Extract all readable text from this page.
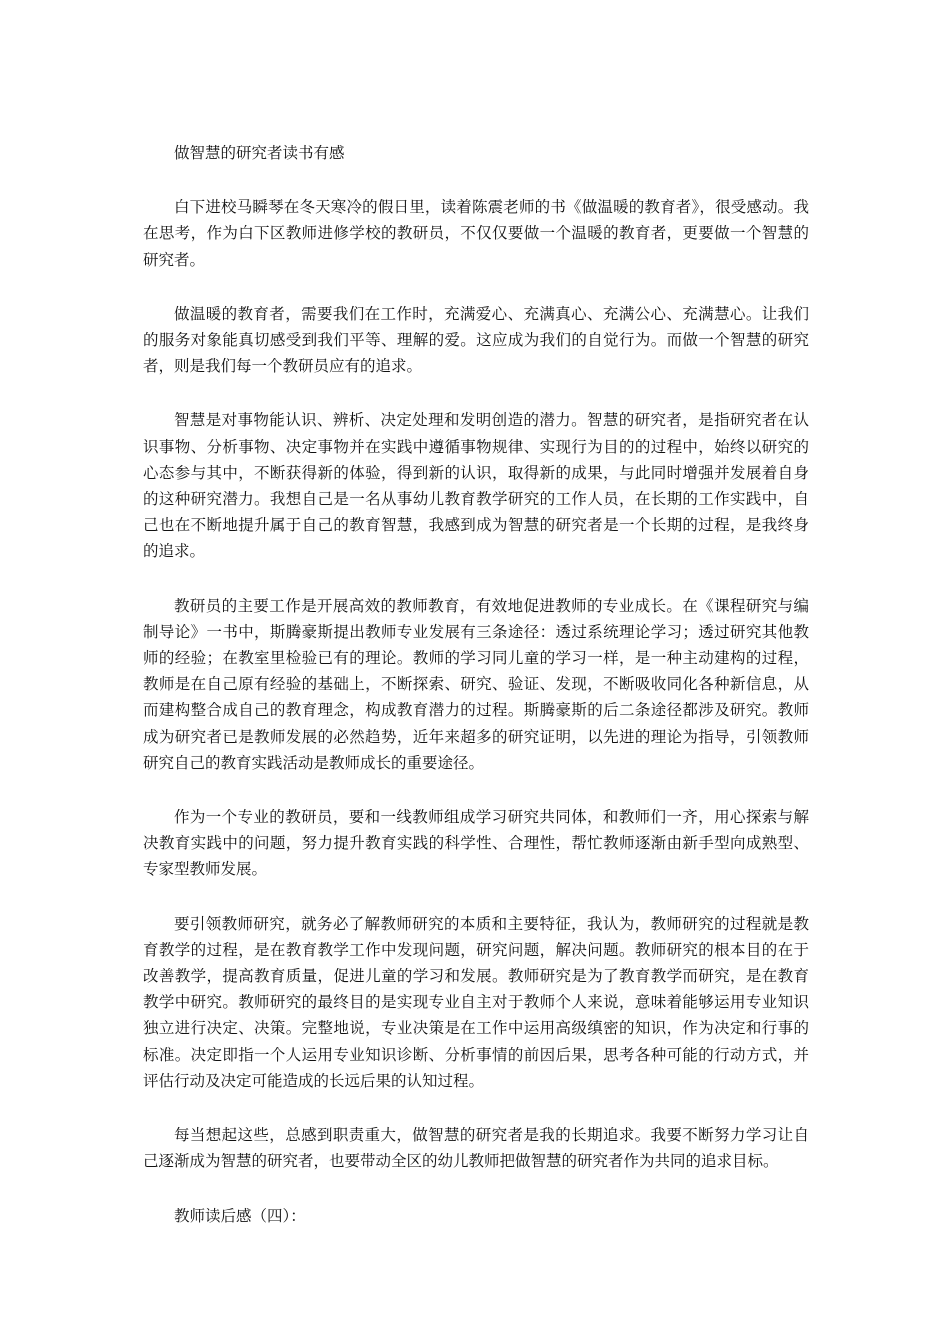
做智慧的研究者读书有感

白下进校马瞬琴在冬天寒冷的假日里，读着陈震老师的书《做温暖的教育者》，很受感动。我在思考，作为白下区教师进修学校的教研员，不仅仅要做一个温暖的教育者，更要做一个智慧的研究者。

做温暖的教育者，需要我们在工作时，充满爱心、充满真心、充满公心、充满慧心。让我们的服务对象能真切感受到我们平等、理解的爱。这应成为我们的自觉行为。而做一个智慧的研究者，则是我们每一个教研员应有的追求。

智慧是对事物能认识、辨析、决定处理和发明创造的潜力。智慧的研究者，是指研究者在认识事物、分析事物、决定事物并在实践中遵循事物规律、实现行为目的的过程中，始终以研究的心态参与其中，不断获得新的体验，得到新的认识，取得新的成果，与此同时增强并发展着自身的这种研究潜力。我想自己是一名从事幼儿教育教学研究的工作人员，在长期的工作实践中，自己也在不断地提升属于自己的教育智慧，我感到成为智慧的研究者是一个长期的过程，是我终身的追求。

教研员的主要工作是开展高效的教师教育，有效地促进教师的专业成长。在《课程研究与编制导论》一书中，斯腾豪斯提出教师专业发展有三条途径：透过系统理论学习；透过研究其他教师的经验；在教室里检验已有的理论。教师的学习同儿童的学习一样，是一种主动建构的过程，教师是在自己原有经验的基础上，不断探索、研究、验证、发现，不断吸收同化各种新信息，从而建构整合成自己的教育理念，构成教育潜力的过程。斯腾豪斯的后二条途径都涉及研究。教师成为研究者已是教师发展的必然趋势，近年来超多的研究证明，以先进的理论为指导，引领教师研究自己的教育实践活动是教师成长的重要途径。

作为一个专业的教研员，要和一线教师组成学习研究共同体，和教师们一齐，用心探索与解决教育实践中的问题，努力提升教育实践的科学性、合理性，帮忙教师逐渐由新手型向成熟型、专家型教师发展。

要引领教师研究，就务必了解教师研究的本质和主要特征，我认为，教师研究的过程就是教育教学的过程，是在教育教学工作中发现问题，研究问题，解决问题。教师研究的根本目的在于改善教学，提高教育质量，促进儿童的学习和发展。教师研究是为了教育教学而研究，是在教育教学中研究。教师研究的最终目的是实现专业自主对于教师个人来说，意味着能够运用专业知识独立进行决定、决策。完整地说，专业决策是在工作中运用高级缜密的知识，作为决定和行事的标准。决定即指一个人运用专业知识诊断、分析事情的前因后果，思考各种可能的行动方式，并评估行动及决定可能造成的长远后果的认知过程。

每当想起这些，总感到职责重大，做智慧的研究者是我的长期追求。我要不断努力学习让自己逐渐成为智慧的研究者，也要带动全区的幼儿教师把做智慧的研究者作为共同的追求目标。

教师读后感（四）：
